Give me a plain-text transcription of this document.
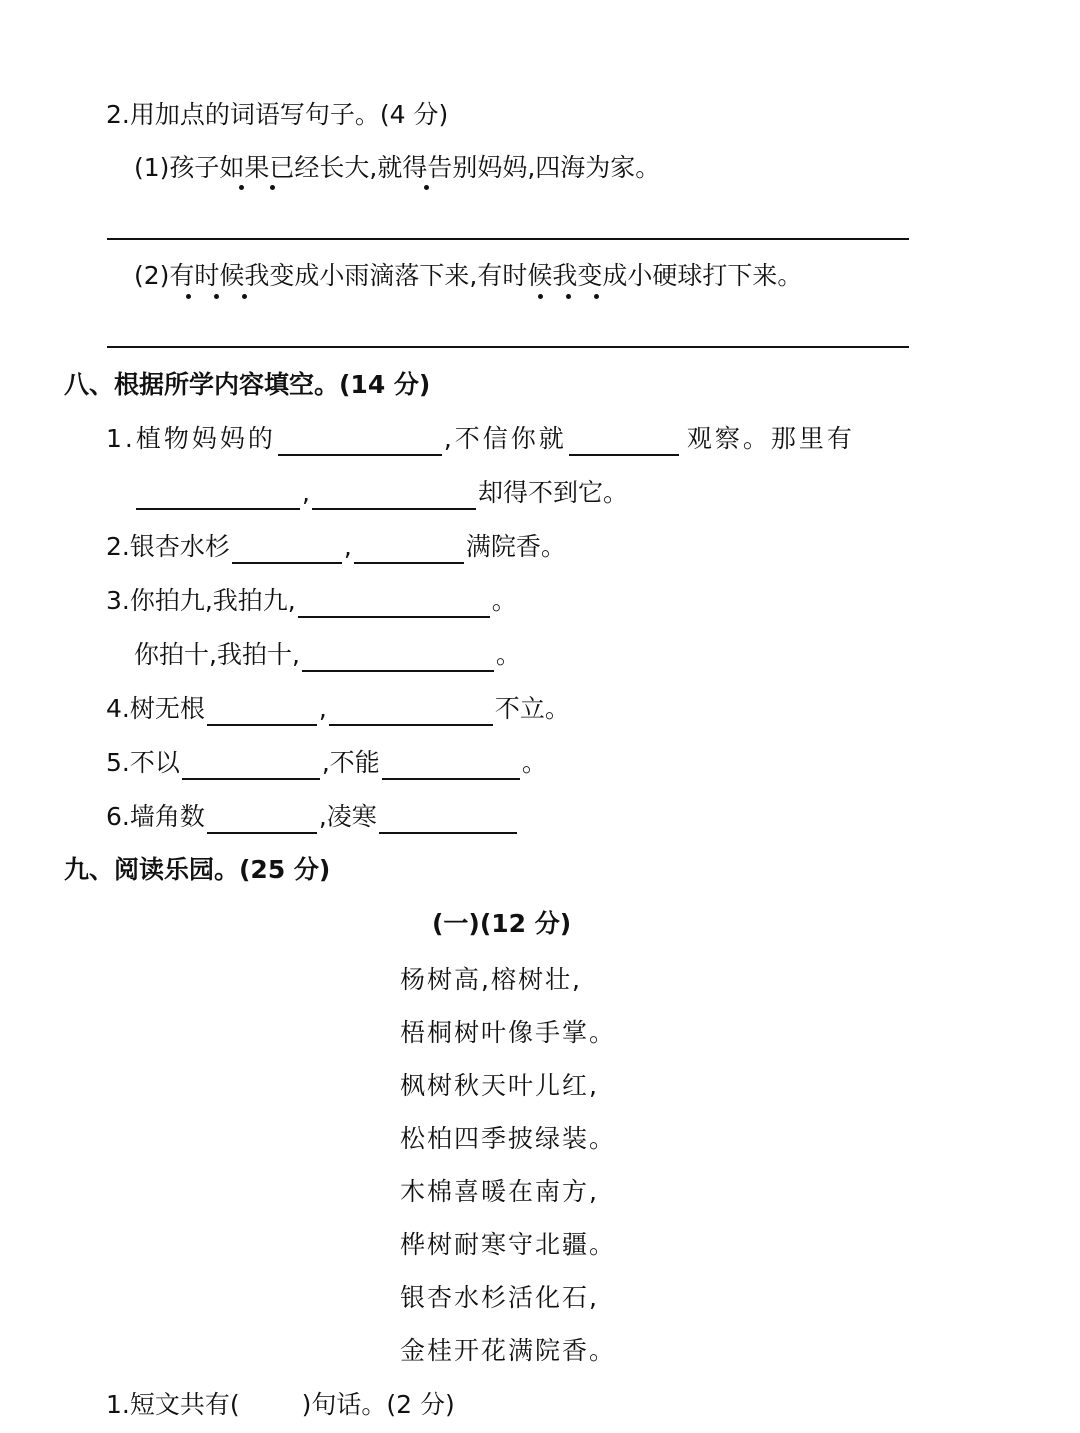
2.用加点的词语写句子。(4 分)
(1)孩子如果已经长大,就得告别妈妈,四海为家。
(2)有时候我变成小雨滴落下来,有时候我变成小硬球打下来。
八、根据所学内容填空。(14 分)
1.植物妈妈的	,不信你就	观察。那里有
,	却得不到它。
2.银杏水杉	,	满院香。
3.你拍九,我拍九,	。
你拍十,我拍十,	。
4.树无根	,	不立。
5.不以	,不能	。
6.墙角数	,凌寒
九、阅读乐园。(25 分)
(一)(12 分)
杨树高,榕树壮,
梧桐树叶像手掌。
枫树秋天叶儿红,
松柏四季披绿装。
木棉喜暖在南方,
桦树耐寒守北疆。
银杏水杉活化石,
金桂开花满院香。
1.短文共有( )句话。(2 分)
